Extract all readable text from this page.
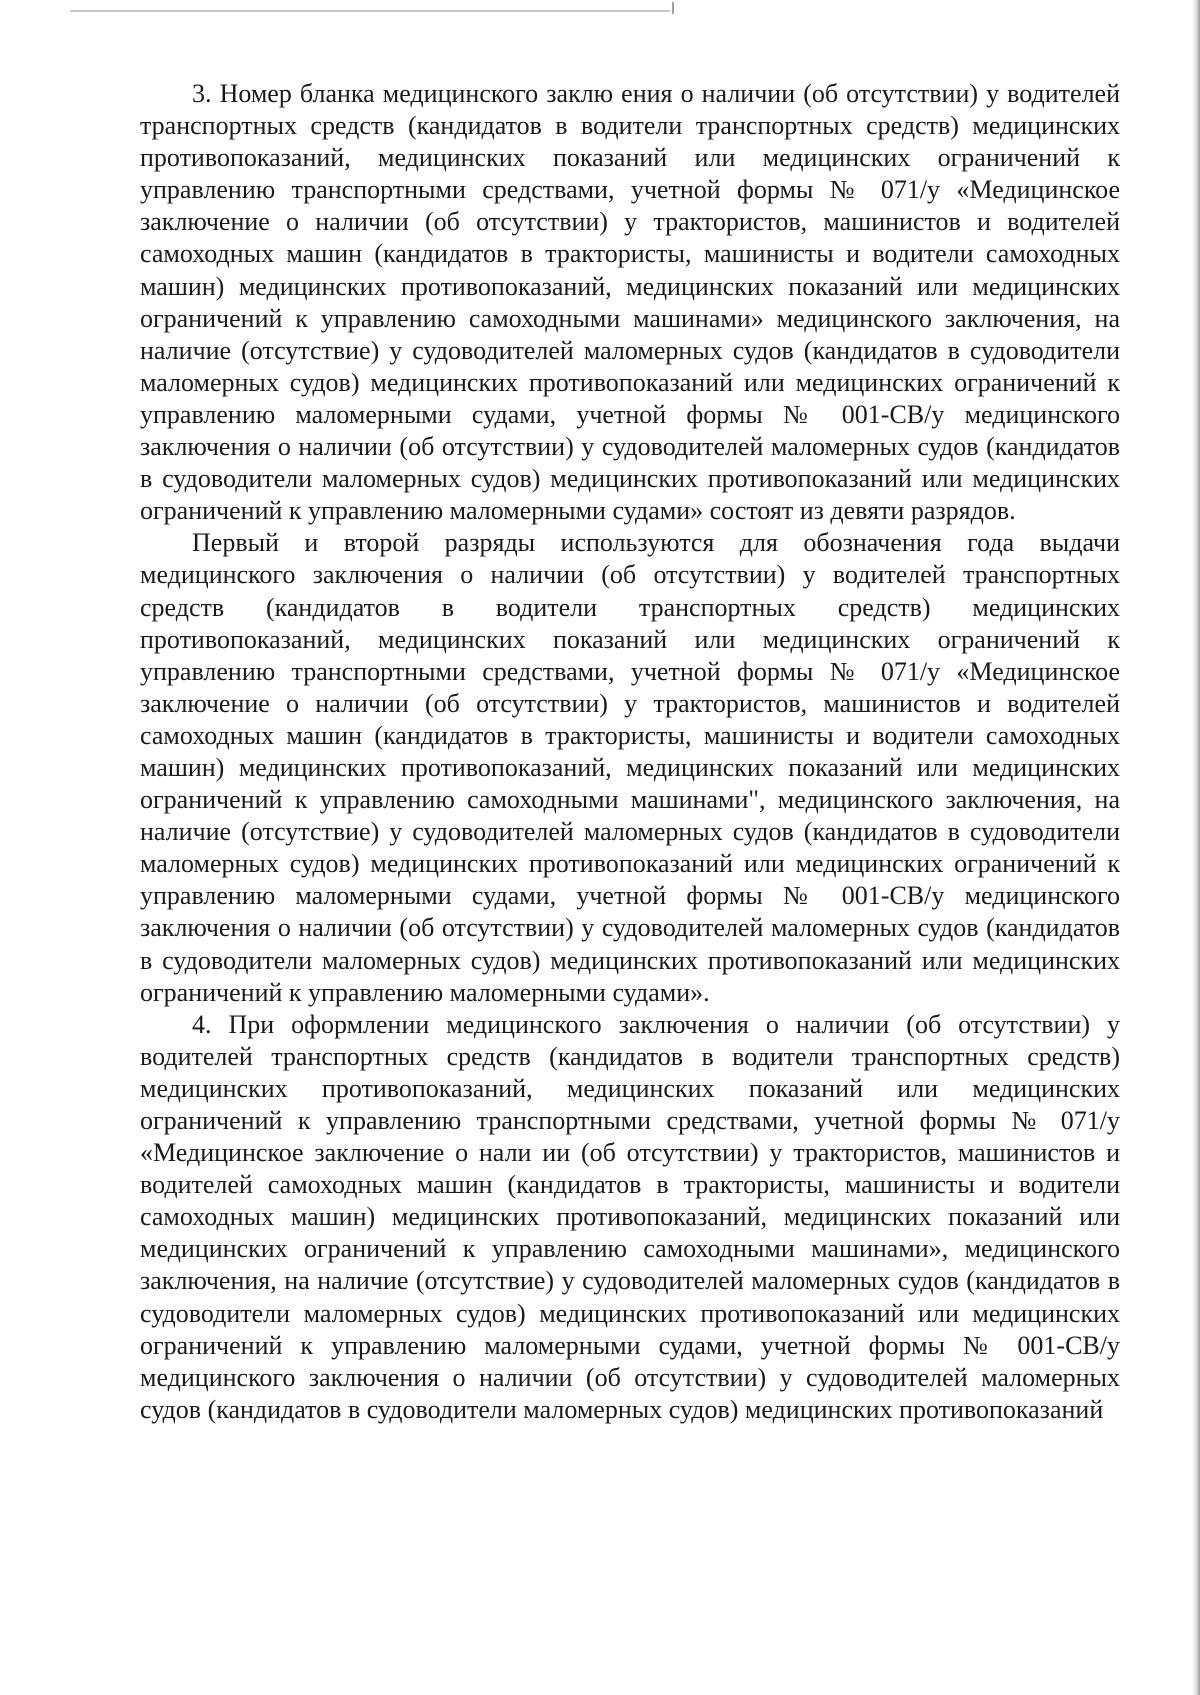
3. Номер бланка медицинского заклю ения о наличии (об отсутствии) у водителей транспортных средств (кандидатов в водители транспортных средств) медицинских противопоказаний, медицинских показаний или медицинских ограничений к управлению транспортными средствами, учетной формы № 071/у «Медицинское заключение о наличии (об отсутствии) у трактористов, машинистов и водителей самоходных машин (кандидатов в трактористы, машинисты и водители самоходных машин) медицинских противопоказаний, медицинских показаний или медицинских ограничений к управлению самоходными машинами» медицинского заключения, на наличие (отсутствие) у судоводителей маломерных судов (кандидатов в судоводители маломерных судов) медицинских противопоказаний или медицинских ограничений к управлению маломерными судами, учетной формы № 001-СВ/у медицинского заключения о наличии (об отсутствии) у судоводителей маломерных судов (кандидатов в судоводители маломерных судов) медицинских противопоказаний или медицинских ограничений к управлению маломерными судами» состоят из девяти разрядов.

Первый и второй разряды используются для обозначения года выдачи медицинского заключения о наличии (об отсутствии) у водителей транспортных средств (кандидатов в водители транспортных средств) медицинских противопоказаний, медицинских показаний или медицинских ограничений к управлению транспортными средствами, учетной формы № 071/у «Медицинское заключение о наличии (об отсутствии) у трактористов, машинистов и водителей самоходных машин (кандидатов в трактористы, машинисты и водители самоходных машин) медицинских противопоказаний, медицинских показаний или медицинских ограничений к управлению самоходными машинами", медицинского заключения, на наличие (отсутствие) у судоводителей маломерных судов (кандидатов в судоводители маломерных судов) медицинских противопоказаний или медицинских ограничений к управлению маломерными судами, учетной формы № 001-СВ/у медицинского заключения о наличии (об отсутствии) у судоводителей маломерных судов (кандидатов в судоводители маломерных судов) медицинских противопоказаний или медицинских ограничений к управлению маломерными судами».

4. При оформлении медицинского заключения о наличии (об отсутствии) у водителей транспортных средств (кандидатов в водители транспортных средств) медицинских противопоказаний, медицинских показаний или медицинских ограничений к управлению транспортными средствами, учетной формы № 071/у «Медицинское заключение о нали ии (об отсутствии) у трактористов, машинистов и водителей самоходных машин (кандидатов в трактористы, машинисты и водители самоходных машин) медицинских противопоказаний, медицинских показаний или медицинских ограничений к управлению самоходными машинами», медицинского заключения, на наличие (отсутствие) у судоводителей маломерных судов (кандидатов в судоводители маломерных судов) медицинских противопоказаний или медицинских ограничений к управлению маломерными судами, учетной формы № 001-СВ/у медицинского заключения о наличии (об отсутствии) у судоводителей маломерных судов (кандидатов в судоводители маломерных судов) медицинских противопоказаний
